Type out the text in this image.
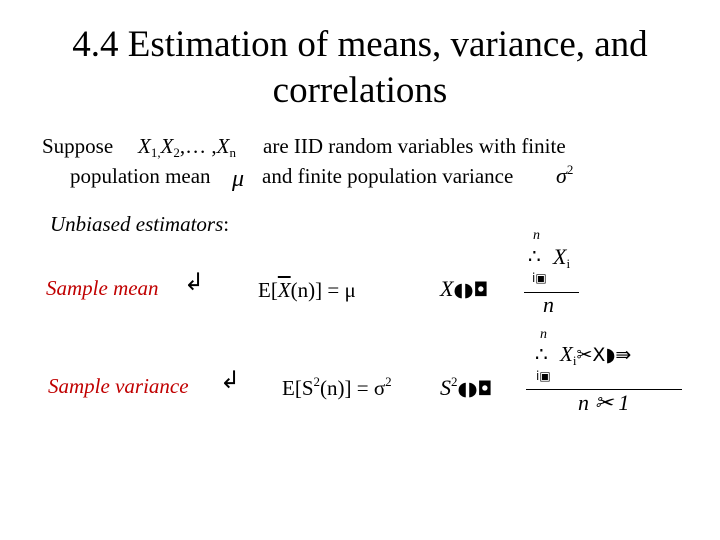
4.4 Estimation of means, variance, and
correlations
Suppose $X_{1,}X_2,\dots$ $,X_n$ are IID random variables with finite
population mean μ and finite population variance $\sigma^2$
Unbiased estimators:
Sample mean ↲	$E[\overline{X}(n)] = \mu$	X◖◗◘
n
∴ $X_i$
i▣
n
Sample variance ↲ $E[S^2(n)] = \sigma^2$ $S^2◖◗◘$
n
∴ $X_i✂X◗⇛$
i▣
n ✂ 1
